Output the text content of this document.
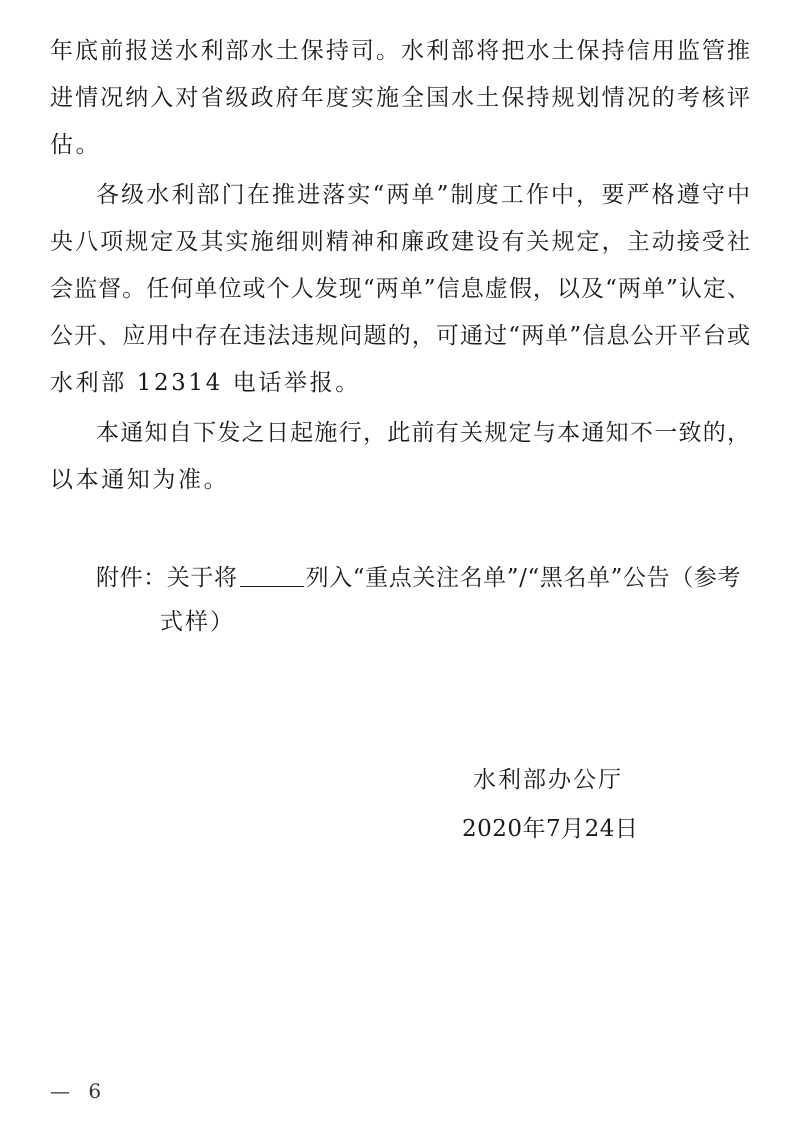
年底前报送水利部水土保持司。水利部将把水土保持信用监管推
进情况纳入对省级政府年度实施全国水土保持规划情况的考核评
估。
各级水利部门在推进落实“两单”制度工作中，要严格遵守中
央八项规定及其实施细则精神和廉政建设有关规定，主动接受社
会监督。任何单位或个人发现“两单”信息虚假，以及“两单”认定、
公开、应用中存在违法违规问题的，可通过“两单”信息公开平台或
水利部 12314 电话举报。
本通知自下发之日起施行，此前有关规定与本通知不一致的，
以本通知为准。
附件：关于将	列入“重点关注名单”/“黑名单”公告（参考
式样）
水利部办公厅
2020年7月24日
— 6
